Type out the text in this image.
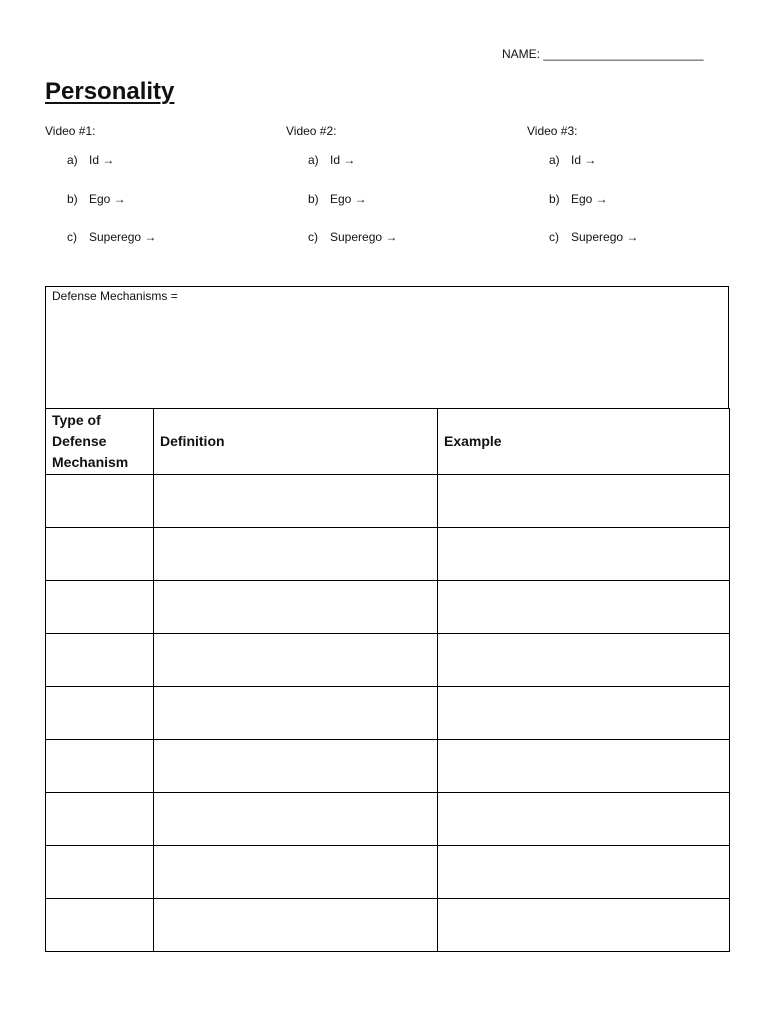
NAME: ________________________
Personality
Video #1:
a) Id →
b) Ego →
c) Superego →
Video #2:
a) Id →
b) Ego →
c) Superego →
Video #3:
a) Id →
b) Ego →
c) Superego →
Defense Mechanisms =
Type of Defense Mechanism	Definition	Example
